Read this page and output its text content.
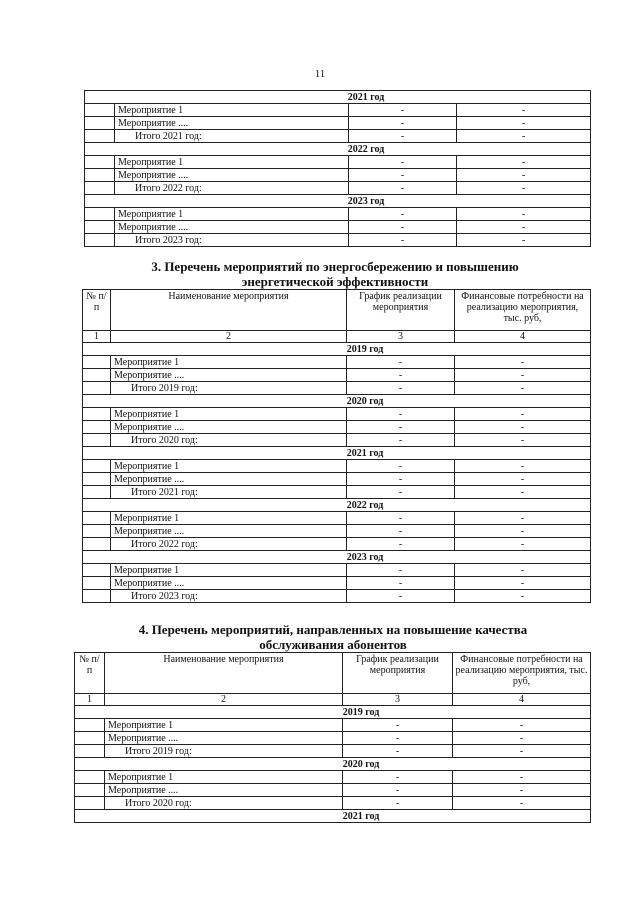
11
2021 год			
	Мероприятие 1	-	-
	Мероприятие ....	-	-
	Итого 2021 год:	-	-
2022 год			
	Мероприятие 1	-	-
	Мероприятие ....	-	-
	Итого 2022 год:	-	-
2023 год			
	Мероприятие 1	-	-
	Мероприятие ....	-	-
	Итого 2023 год:	-	-
3. Перечень мероприятий по энергосбережению и повышению
энергетической эффективности
№ п/п	Наименование мероприятия	График реализации мероприятия	Финансовые потребности на реализацию мероприятия, тыс. руб,
1	2	3	4
2019 год			
	Мероприятие 1	-	-
	Мероприятие ....	-	-
	Итого 2019 год:	-	-
2020 год			
	Мероприятие 1	-	-
	Мероприятие ....	-	-
	Итого 2020 год:	-	-
2021 год			
	Мероприятие 1	-	-
	Мероприятие ....	-	-
	Итого 2021 год:	-	-
2022 год			
	Мероприятие 1	-	-
	Мероприятие ....	-	-
	Итого 2022 год:	-	-
2023 год			
	Мероприятие 1	-	-
	Мероприятие ....	-	-
	Итого 2023 год:	-	-
4. Перечень мероприятий, направленных на повышение качества
обслуживания абонентов
№ п/п	Наименование мероприятия	График реализации мероприятия	Финансовые потребности на реализацию мероприятия, тыс. руб,
1	2	3	4
2019 год			
	Мероприятие 1	-	-
	Мероприятие ....	-	-
	Итого 2019 год:	-	-
2020 год			
	Мероприятие 1	-	-
	Мероприятие ....	-	-
	Итого 2020 год:	-	-
2021 год			
